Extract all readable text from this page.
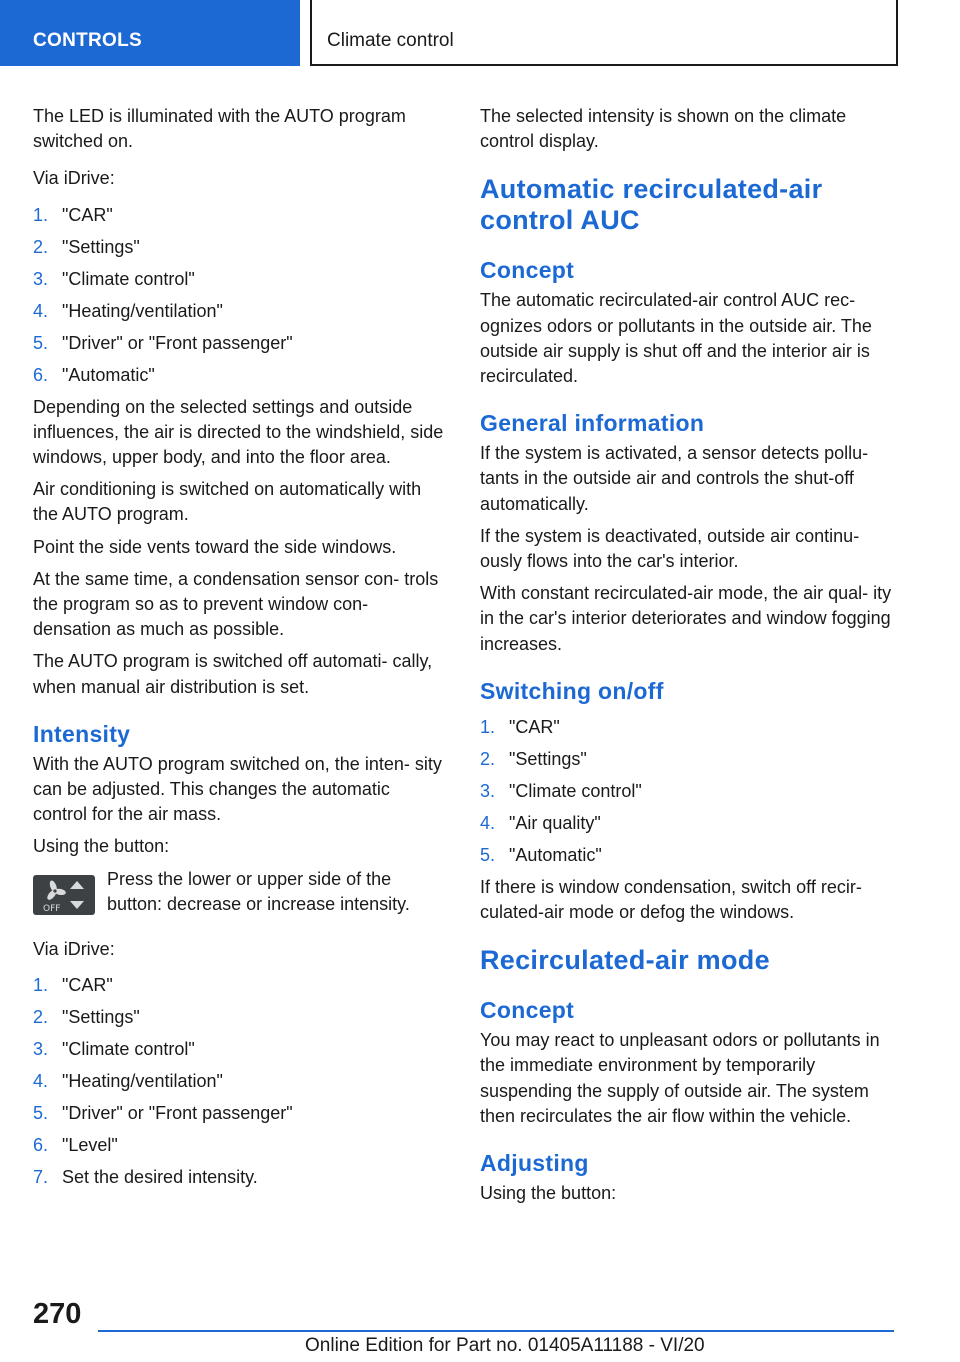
CONTROLS	Climate control

The LED is illuminated with the AUTO program switched on.

Via iDrive:

1. "CAR"
2. "Settings"
3. "Climate control"
4. "Heating/ventilation"
5. "Driver" or "Front passenger"
6. "Automatic"

Depending on the selected settings and outside influences, the air is directed to the windshield, side windows, upper body, and into the floor area.

Air conditioning is switched on automatically with the AUTO program.

Point the side vents toward the side windows.

At the same time, a condensation sensor con‐ trols the program so as to prevent window con‐ densation as much as possible.

The AUTO program is switched off automati‐ cally, when manual air distribution is set.

Intensity

With the AUTO program switched on, the inten‐ sity can be adjusted. This changes the automatic control for the air mass.

Using the button:

OFF

Press the lower or upper side of the button: decrease or increase intensity.

Via iDrive:

1. "CAR"
2. "Settings"
3. "Climate control"
4. "Heating/ventilation"
5. "Driver" or "Front passenger"
6. "Level"
7. Set the desired intensity.

The selected intensity is shown on the climate control display.

Automatic recirculated-air control AUC
Concept

The automatic recirculated-air control AUC rec‐ ognizes odors or pollutants in the outside air. The outside air supply is shut off and the interior air is recirculated.

General information

If the system is activated, a sensor detects pollu‐ tants in the outside air and controls the shut-off automatically.

If the system is deactivated, outside air continu‐ ously flows into the car's interior.

With constant recirculated-air mode, the air qual‐ ity in the car's interior deteriorates and window fogging increases.

Switching on/off
1. "CAR"
2. "Settings"
3. "Climate control"
4. "Air quality"
5. "Automatic"

If there is window condensation, switch off recir‐ culated-air mode or defog the windows.

Recirculated-air mode
Concept

You may react to unpleasant odors or pollutants in the immediate environment by temporarily suspending the supply of outside air. The system then recirculates the air flow within the vehicle.

Adjusting

Using the button:

270
Online Edition for Part no. 01405A11188 - VI/20
